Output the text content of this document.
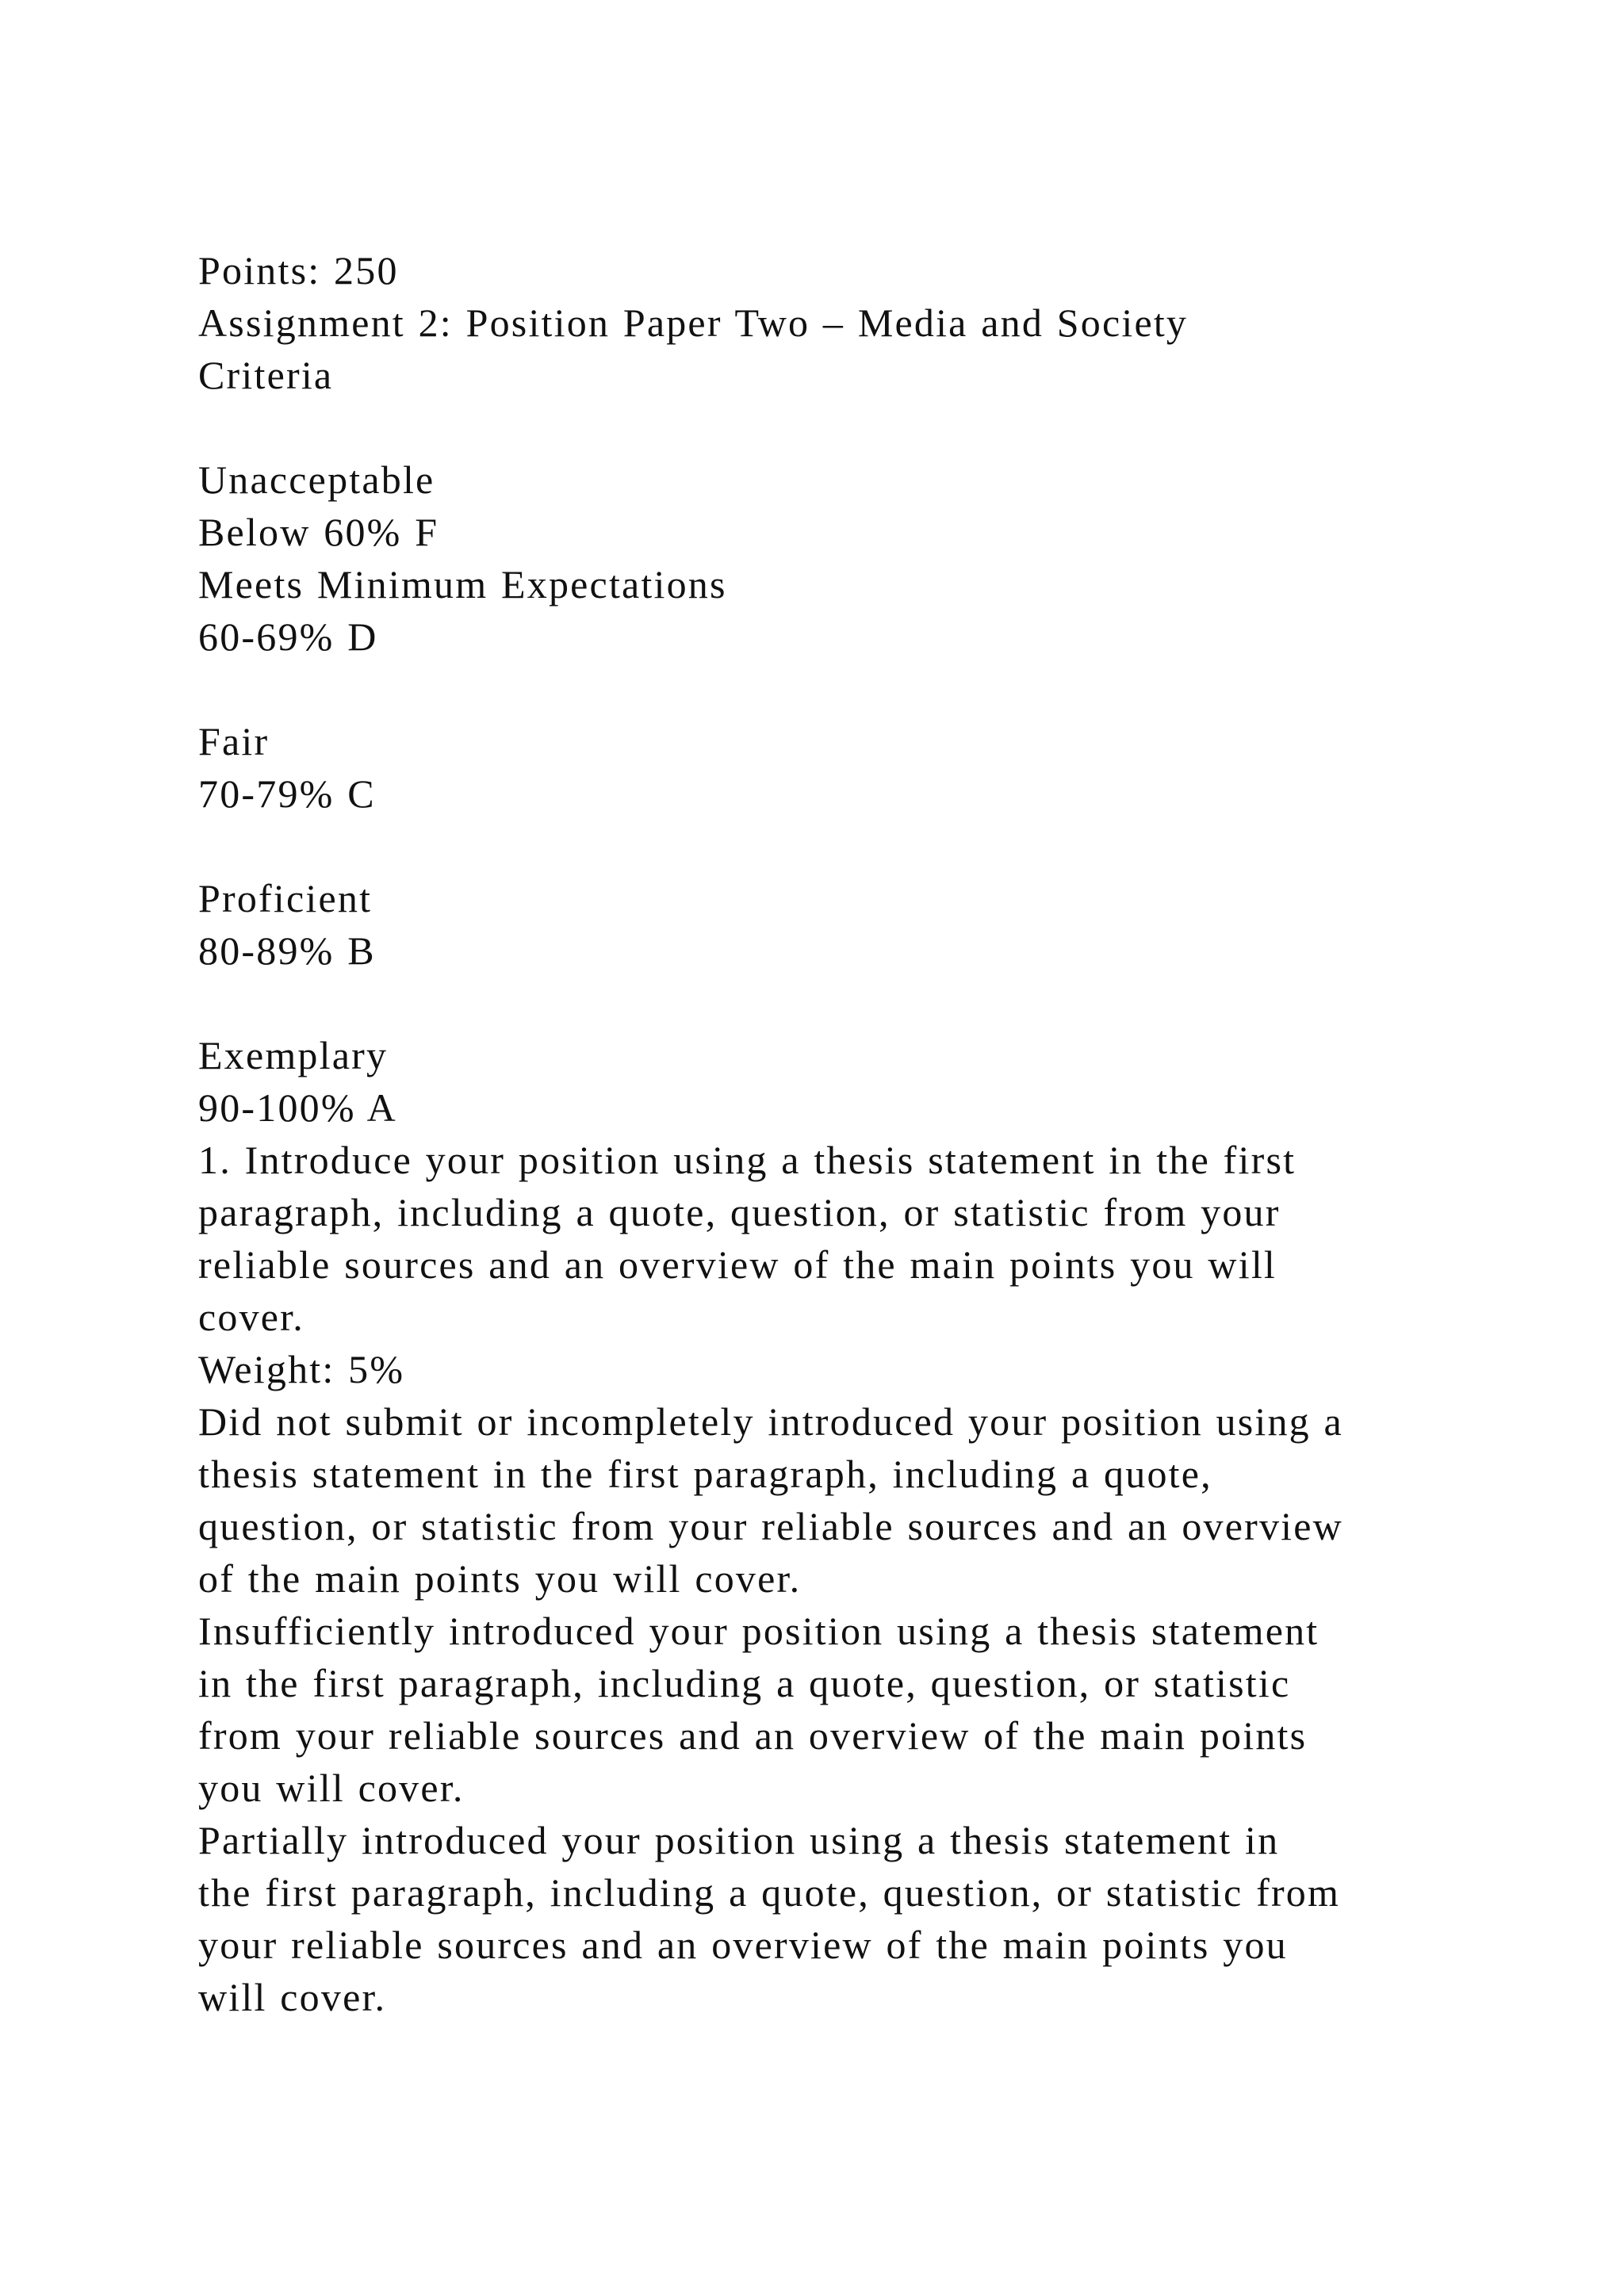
Points: 250
Assignment 2: Position Paper Two – Media and Society
Criteria
Unacceptable
Below 60% F
Meets Minimum Expectations
60-69% D
Fair
70-79% C
Proficient
80-89% B
Exemplary
90-100% A
1. Introduce your position using a thesis statement in the first
paragraph, including a quote, question, or statistic from your
reliable sources and an overview of the main points you will
cover.
Weight: 5%
Did not submit or incompletely introduced your position using a
thesis statement in the first paragraph, including a quote,
question, or statistic from your reliable sources and an overview
of the main points you will cover.
Insufficiently introduced your position using a thesis statement
in the first paragraph, including a quote, question, or statistic
from your reliable sources and an overview of the main points
you will cover.
Partially introduced your position using a thesis statement in
the first paragraph, including a quote, question, or statistic from
your reliable sources and an overview of the main points you
will cover.
